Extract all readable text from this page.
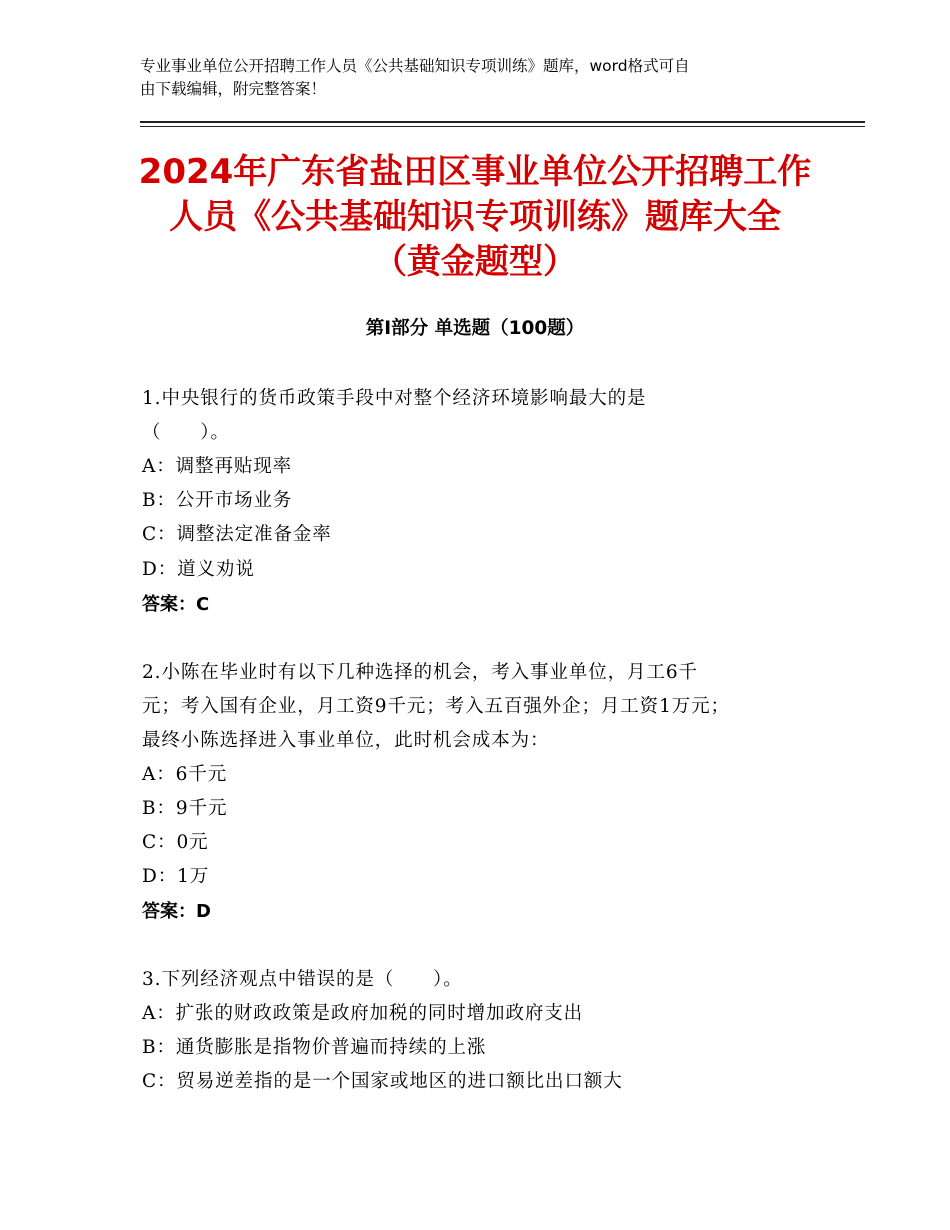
专业事业单位公开招聘工作人员《公共基础知识专项训练》题库，word格式可自
由下载编辑，附完整答案！
2024年广东省盐田区事业单位公开招聘工作
人员《公共基础知识专项训练》题库大全
（黄金题型）
第Ⅰ部分 单选题（100题）
1.中央银行的货币政策手段中对整个经济环境影响最大的是
（　　）。
A：调整再贴现率
B：公开市场业务
C：调整法定准备金率
D：道义劝说
答案：C
2.小陈在毕业时有以下几种选择的机会，考入事业单位，月工6千
元；考入国有企业，月工资9千元；考入五百强外企；月工资1万元；
最终小陈选择进入事业单位，此时机会成本为：
A：6千元
B：9千元
C：0元
D：1万
答案：D
3.下列经济观点中错误的是（　　）。
A：扩张的财政政策是政府加税的同时增加政府支出
B：通货膨胀是指物价普遍而持续的上涨
C：贸易逆差指的是一个国家或地区的进口额比出口额大
